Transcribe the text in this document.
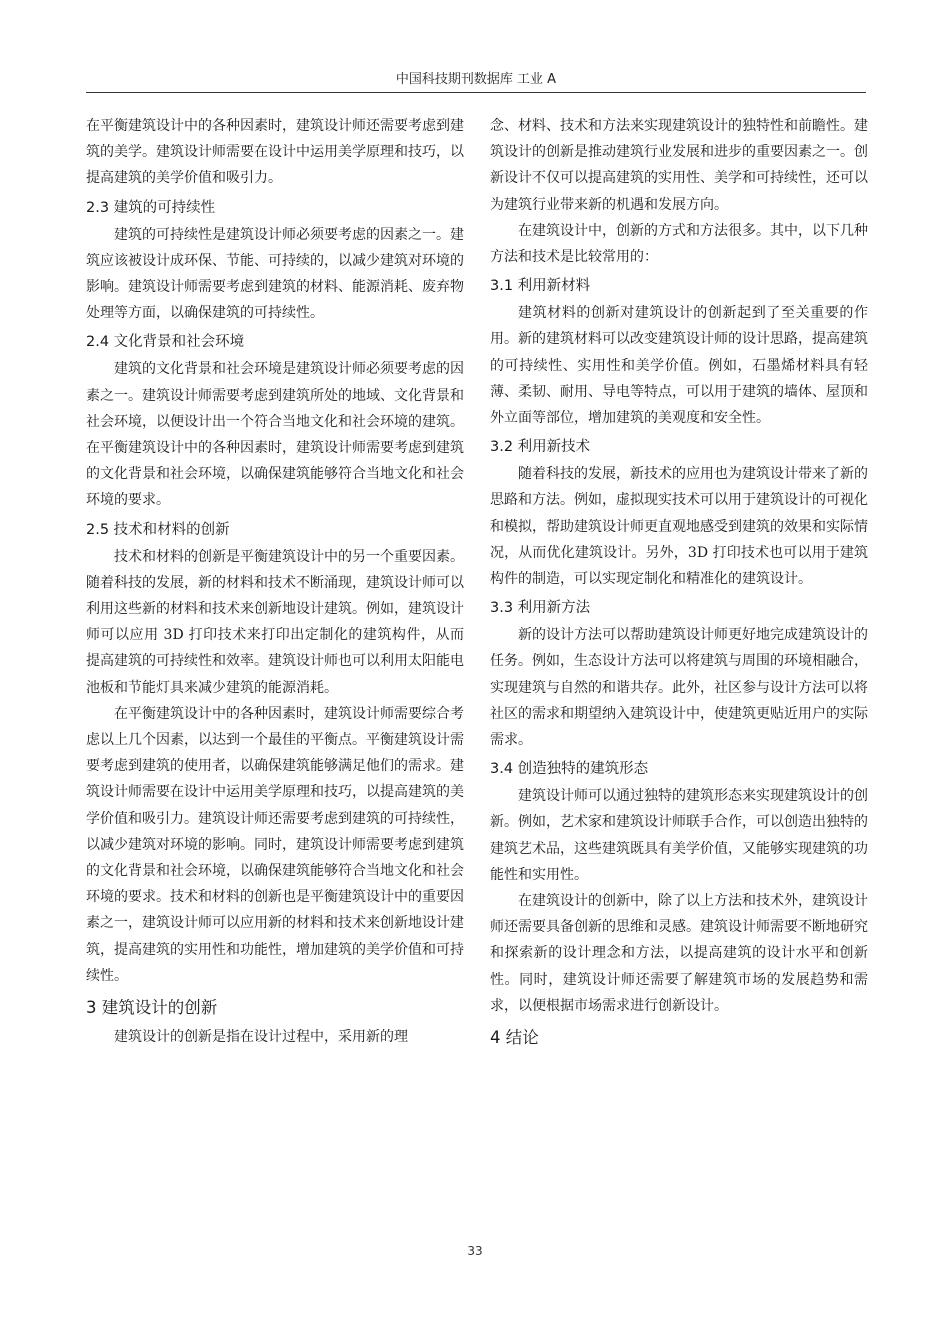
中国科技期刊数据库 工业 A

在平衡建筑设计中的各种因素时，建筑设计师还需要考虑到建筑的美学。建筑设计师需要在设计中运用美学原理和技巧，以提高建筑的美学价值和吸引力。

2.3 建筑的可持续性

建筑的可持续性是建筑设计师必须要考虑的因素之一。建筑应该被设计成环保、节能、可持续的，以减少建筑对环境的影响。建筑设计师需要考虑到建筑的材料、能源消耗、废弃物处理等方面，以确保建筑的可持续性。

2.4 文化背景和社会环境

建筑的文化背景和社会环境是建筑设计师必须要考虑的因素之一。建筑设计师需要考虑到建筑所处的地域、文化背景和社会环境，以便设计出一个符合当地文化和社会环境的建筑。在平衡建筑设计中的各种因素时，建筑设计师需要考虑到建筑的文化背景和社会环境，以确保建筑能够符合当地文化和社会环境的要求。

2.5 技术和材料的创新

技术和材料的创新是平衡建筑设计中的另一个重要因素。随着科技的发展，新的材料和技术不断涌现，建筑设计师可以利用这些新的材料和技术来创新地设计建筑。例如，建筑设计师可以应用 3D 打印技术来打印出定制化的建筑构件，从而提高建筑的可持续性和效率。建筑设计师也可以利用太阳能电池板和节能灯具来减少建筑的能源消耗。

在平衡建筑设计中的各种因素时，建筑设计师需要综合考虑以上几个因素，以达到一个最佳的平衡点。平衡建筑设计需要考虑到建筑的使用者，以确保建筑能够满足他们的需求。建筑设计师需要在设计中运用美学原理和技巧，以提高建筑的美学价值和吸引力。建筑设计师还需要考虑到建筑的可持续性，以减少建筑对环境的影响。同时，建筑设计师需要考虑到建筑的文化背景和社会环境，以确保建筑能够符合当地文化和社会环境的要求。技术和材料的创新也是平衡建筑设计中的重要因素之一，建筑设计师可以应用新的材料和技术来创新地设计建筑，提高建筑的实用性和功能性，增加建筑的美学价值和可持续性。

3 建筑设计的创新

建筑设计的创新是指在设计过程中，采用新的理

念、材料、技术和方法来实现建筑设计的独特性和前瞻性。建筑设计的创新是推动建筑行业发展和进步的重要因素之一。创新设计不仅可以提高建筑的实用性、美学和可持续性，还可以为建筑行业带来新的机遇和发展方向。

在建筑设计中，创新的方式和方法很多。其中，以下几种方法和技术是比较常用的：

3.1 利用新材料

建筑材料的创新对建筑设计的创新起到了至关重要的作用。新的建筑材料可以改变建筑设计师的设计思路，提高建筑的可持续性、实用性和美学价值。例如，石墨烯材料具有轻薄、柔韧、耐用、导电等特点，可以用于建筑的墙体、屋顶和外立面等部位，增加建筑的美观度和安全性。

3.2 利用新技术

随着科技的发展，新技术的应用也为建筑设计带来了新的思路和方法。例如，虚拟现实技术可以用于建筑设计的可视化和模拟，帮助建筑设计师更直观地感受到建筑的效果和实际情况，从而优化建筑设计。另外，3D 打印技术也可以用于建筑构件的制造，可以实现定制化和精准化的建筑设计。

3.3 利用新方法

新的设计方法可以帮助建筑设计师更好地完成建筑设计的任务。例如，生态设计方法可以将建筑与周围的环境相融合，实现建筑与自然的和谐共存。此外，社区参与设计方法可以将社区的需求和期望纳入建筑设计中，使建筑更贴近用户的实际需求。

3.4 创造独特的建筑形态

建筑设计师可以通过独特的建筑形态来实现建筑设计的创新。例如，艺术家和建筑设计师联手合作，可以创造出独特的建筑艺术品，这些建筑既具有美学价值，又能够实现建筑的功能性和实用性。

在建筑设计的创新中，除了以上方法和技术外，建筑设计师还需要具备创新的思维和灵感。建筑设计师需要不断地研究和探索新的设计理念和方法，以提高建筑的设计水平和创新性。同时，建筑设计师还需要了解建筑市场的发展趋势和需求，以便根据市场需求进行创新设计。

4 结论
33
